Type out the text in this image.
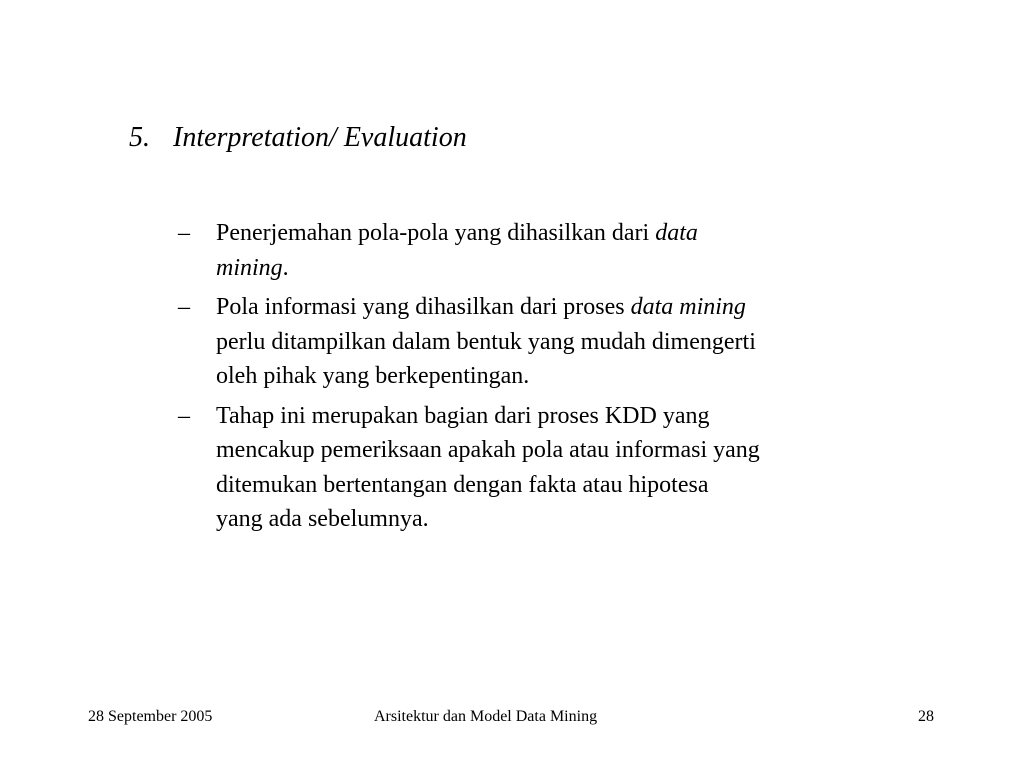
5. Interpretation/ Evaluation
– Penerjemahan pola-pola yang dihasilkan dari data
mining.
– Pola informasi yang dihasilkan dari proses data mining
perlu ditampilkan dalam bentuk yang mudah dimengerti
oleh pihak yang berkepentingan.
– Tahap ini merupakan bagian dari proses KDD yang
mencakup pemeriksaan apakah pola atau informasi yang
ditemukan bertentangan dengan fakta atau hipotesa
yang ada sebelumnya.
28 September 2005	Arsitektur dan Model Data Mining	28
